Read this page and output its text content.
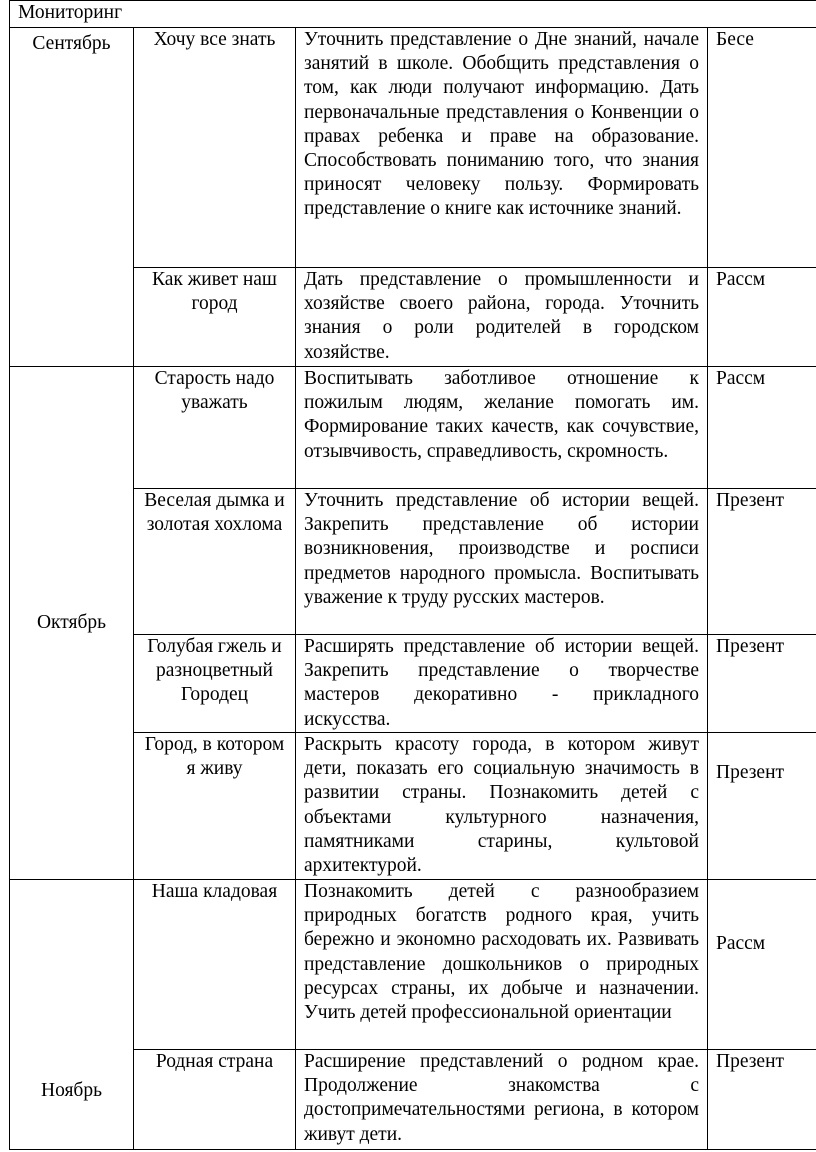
Мониторинг			
Сентябрь	Хочу все знать	Уточнить представление о Дне знаний, начале занятий в школе. Обобщить представления о том, как люди получают информацию. Дать первоначальные представления о Конвенции о правах ребенка и праве на образование. Способствовать пониманию того, что знания приносят человеку пользу. Формировать представление о книге как источнике знаний.	Бесе
	Как живет наш город	Дать представление о промышленности и хозяйстве своего района, города. Уточнить знания о роли родителей в городском хозяйстве.	Рассм
Октябрь	Старость надо уважать	Воспитывать заботливое отношение к пожилым людям, желание помогать им. Формирование таких качеств, как сочувствие, отзывчивость, справедливость, скромность.	Рассм
	Веселая дымка и золотая хохлома	Уточнить представление об истории вещей. Закрепить представление об истории возникновения, производстве и росписи предметов народного промысла. Воспитывать уважение к труду русских мастеров.	Презент
	Голубая гжель и разноцветный Городец	Расширять представление об истории вещей. Закрепить представление о творчестве мастеров декоративно - прикладного искусства.	Презент
	Город, в котором я живу	Раскрыть красоту города, в котором живут дети, показать его социальную значимость в развитии страны. Познакомить детей с объектами культурного назначения, памятниками старины, культовой архитектурой.	Презент
Ноябрь	Наша кладовая	Познакомить детей с разнообразием природных богатств родного края, учить бережно и экономно расходовать их. Развивать представление дошкольников о природных ресурсах страны, их добыче и назначении. Учить детей профессиональной ориентации	Рассм
	Родная страна	Расширение представлений о родном крае. Продолжение знакомства с достопримечательностями региона, в котором живут дети.	Презент
